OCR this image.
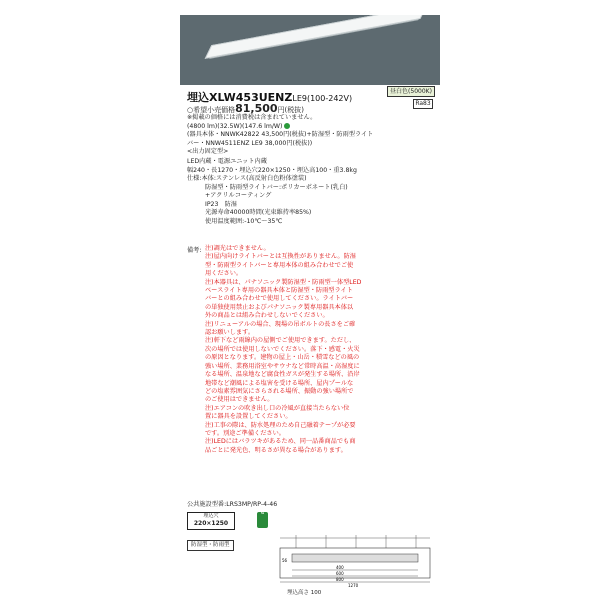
埋込XLW453UENZLE9(100-242V)
昼白色(5000K)
Ra83
○希望小売価格81,500円(税抜)
※掲載の価格には消費税は含まれていません。
(4800 lm)(32.5W)(147.6 lm/W)
(器具本体・NNWK42822 43,500円(税抜)+防湿型・防雨型ライト
バー・NNW4511ENZ LE9 38,000円(税抜))
<出力固定型>
LED内蔵・電源ユニット内蔵
幅240・長1270・埋込穴220×1250・埋込高100・重3.8kg
仕様:本体:ステンレス(高反射白色粉体塗装)
防湿型・防雨型ライトバー:ポリカーボネート(乳白)
+アクリルコーティング
IP23　防湿
光源寿命40000時間(光束維持率85%)
使用温度範囲:-10℃〜35℃
備考: 注)調光はできません。

注)屋内向けライトバーとは互換性がありません。防湿

型・防雨型ライトバーと専用本体の組み合わせでご使

用ください。

注)本器具は、パナソニック製防湿型・防雨型一体型LED

ベースライト専用の器具本体と防湿型・防雨型ライト

バーとの組み合わせで使用してください。ライトバー

の単独使用禁止およびパナソニック製専用器具本体以

外の商品とは組み合わせしないでください。

注)リニューアルの場合、現場の吊ボルトの長さをご確

認お願いします。

注)軒下など雨線内の屋側でご使用できます。ただし、

次の場所では使用しないでください。落下・感電・火災

の原因となります。建物の屋上・山岳・積雪などの風の

強い場所、業務用浴室やサウナなど常時高温・高湿度に

なる場所、温泉地など腐食性ガスが発生する場所、沿岸

地帯など潮風による塩害を受ける場所、屋内プールな

どの塩素雰囲気にさらされる場所、振動の強い場所で

のご使用はできません。

注)エアコンの吹き出し口の冷風が直接当たらない位

置に器具を設置してください。

注)工事の際は、防水処理のため自己融着テープが必要

です。別途ご準備ください。

注)LEDにはバラツキがあるため、同一品番商品でも商

品ごとに発光色、明るさが異なる場合があります。

公共施設型番:LRS3MP/RP-4-46
埋込穴
220×1250
G
防湿型・防雨型
400
600
800
1270
56
埋込高さ 100
